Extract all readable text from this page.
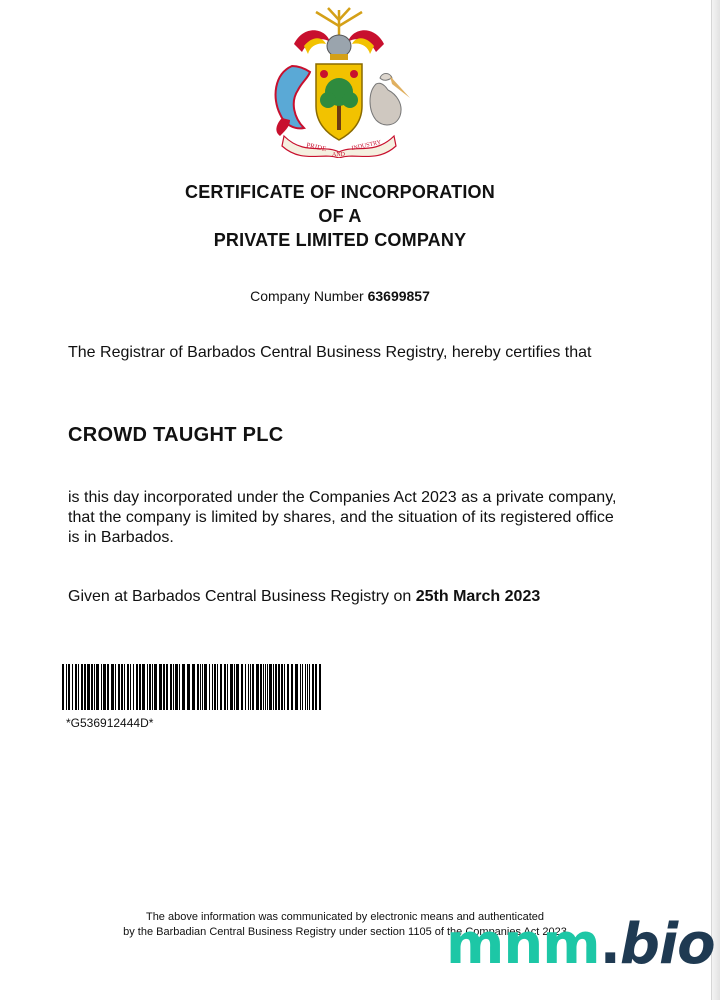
PRIDE
AND
INDUSTRY
CERTIFICATE OF INCORPORATION
OF A
PRIVATE LIMITED COMPANY
Company Number 63699857
The Registrar of Barbados Central Business Registry, hereby certifies that
CROWD TAUGHT PLC
is this day incorporated under the Companies Act 2023 as a private company, that the company is limited by shares, and the situation of its registered office is in Barbados.
Given at Barbados Central Business Registry on 25th March 2023
*G536912444D*
The above information was communicated by electronic means and authenticated
by the Barbadian Central Business Registry under section 1105 of the Companies Act 2023
mnm.bio
